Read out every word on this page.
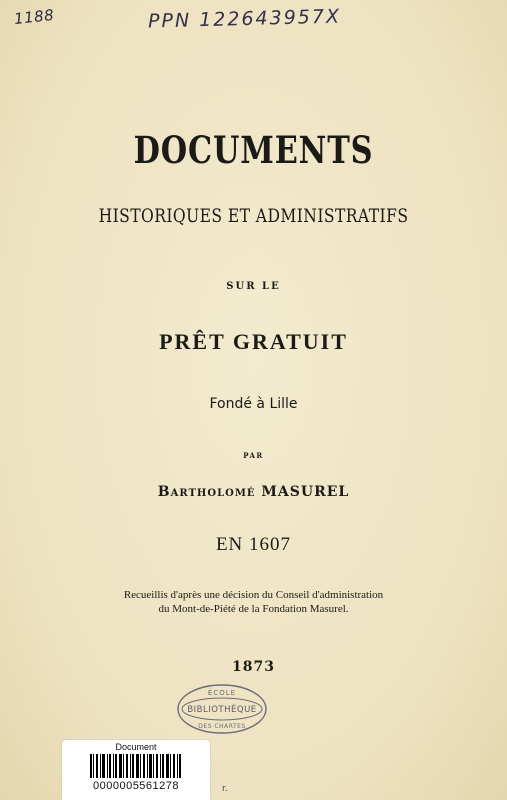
1188	PPN 122643957X
DOCUMENTS
HISTORIQUES ET ADMINISTRATIFS
SUR LE
PRÊT GRATUIT
Fondé à Lille
PAR
BARTHOLOMÉ MASUREL
EN 1607
Recueillis d'après une décision du Conseil d'administration
du Mont-de-Piété de la Fondation Masurel.
1873
ÉCOLE
BIBLIOTHÈQUE
DES CHARTES
Document
0000005561278	r.
